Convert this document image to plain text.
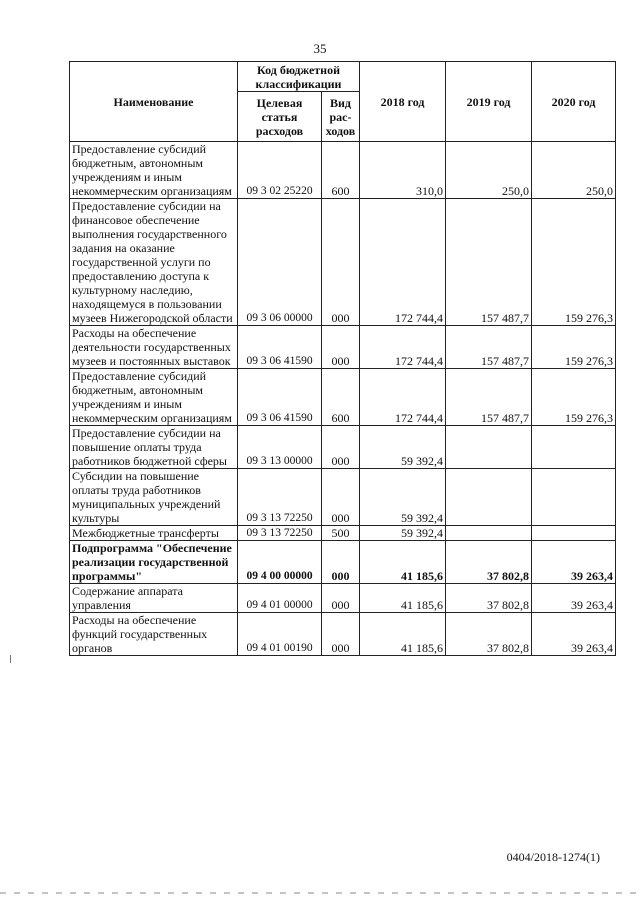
35
Наименование	Код бюджетной классификации		2018 год	2019 год	2020 год
	Целевая статья расходов	Вид рас-ходов			
Предоставление субсидий бюджетным, автономным учреждениям и иным некоммерческим организациям	09 3 02 25220	600	310,0	250,0	250,0
Предоставление субсидии на финансовое обеспечение выполнения государственного задания на оказание государственной услуги по предоставлению доступа к культурному наследию, находящемуся в пользовании музеев Нижегородской области	09 3 06 00000	000	172 744,4	157 487,7	159 276,3
Расходы на обеспечение деятельности государственных музеев и постоянных выставок	09 3 06 41590	000	172 744,4	157 487,7	159 276,3
Предоставление субсидий бюджетным, автономным учреждениям и иным некоммерческим организациям	09 3 06 41590	600	172 744,4	157 487,7	159 276,3
Предоставление субсидии на повышение оплаты труда работников бюджетной сферы	09 3 13 00000	000	59 392,4		
Субсидии на повышение оплаты труда работников муниципальных учреждений культуры	09 3 13 72250	000	59 392,4		
Межбюджетные трансферты	09 3 13 72250	500	59 392,4		
Подпрограмма "Обеспечение реализации государственной программы"	09 4 00 00000	000	41 185,6	37 802,8	39 263,4
Содержание аппарата управления	09 4 01 00000	000	41 185,6	37 802,8	39 263,4
Расходы на обеспечение функций государственных органов	09 4 01 00190	000	41 185,6	37 802,8	39 263,4
0404/2018-1274(1)
